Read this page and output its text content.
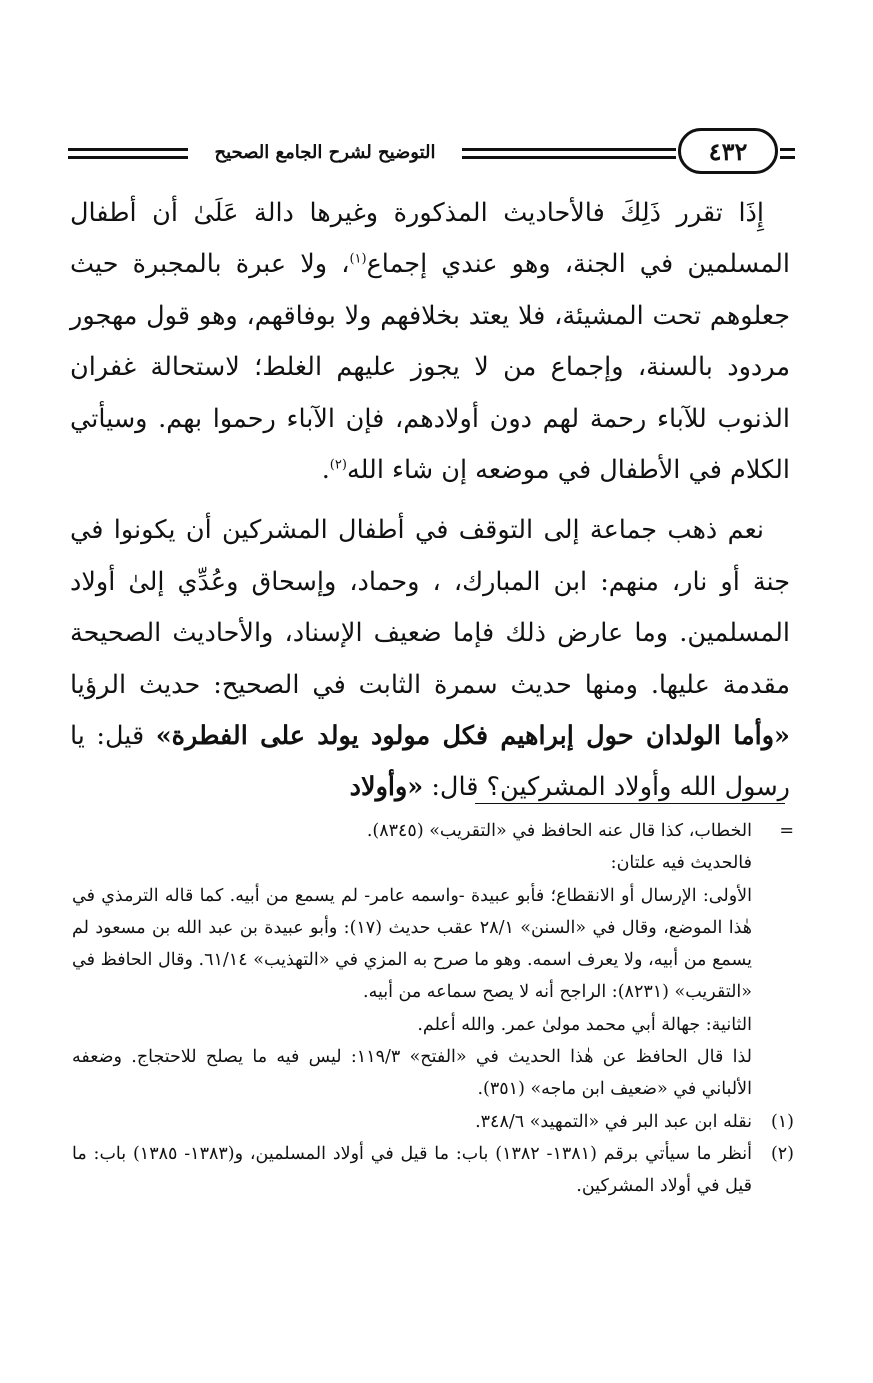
التوضيح لشرح الجامع الصحيح	٤٣٢

إِذَا تقرر ذَلِكَ فالأحاديث المذكورة وغيرها دالة عَلَىٰ أن أطفال المسلمين في الجنة، وهو عندي إجماع$^{(١)}$، ولا عبرة بالمجبرة حيث جعلوهم تحت المشيئة، فلا يعتد بخلافهم ولا بوفاقهم، وهو قول مهجور مردود بالسنة، وإجماع من لا يجوز عليهم الغلط؛ لاستحالة غفران الذنوب للآباء رحمة لهم دون أولادهم، فإن الآباء رحموا بهم. وسيأتي الكلام في الأطفال في موضعه إن شاء الله$^{(٢)}$.

نعم ذهب جماعة إلى التوقف في أطفال المشركين أن يكونوا في جنة أو نار، منهم: ابن المبارك، ، وحماد، وإسحاق وعُدِّي إلىٰ أولاد المسلمين. وما عارض ذلك فإما ضعيف الإسناد، والأحاديث الصحيحة مقدمة عليها. ومنها حديث سمرة الثابت في الصحيح: حديث الرؤيا «وأما الولدان حول إبراهيم فكل مولود يولد على الفطرة» قيل: يا رسول الله وأولاد المشركين؟ قال: «وأولاد

=
الخطاب، كذا قال عنه الحافظ في «التقريب» (٨٣٤٥).
فالحديث فيه علتان:
الأولى: الإرسال أو الانقطاع؛ فأبو عبيدة -واسمه عامر- لم يسمع من أبيه. كما قاله الترمذي في هٰذا الموضع، وقال في «السنن» ٢٨/١ عقب حديث (١٧): وأبو عبيدة بن عبد الله بن مسعود لم يسمع من أبيه، ولا يعرف اسمه. وهو ما صرح به المزي في «التهذيب» ٦١/١٤. وقال الحافظ في «التقريب» (٨٢٣١): الراجح أنه لا يصح سماعه من أبيه.
الثانية: جهالة أبي محمد مولىٰ عمر. والله أعلم.
لذا قال الحافظ عن هٰذا الحديث في «الفتح» ١١٩/٣: ليس فيه ما يصلح للاحتجاج. وضعفه الألباني في «ضعيف ابن ماجه» (٣٥١).
(١)
نقله ابن عبد البر في «التمهيد» ٣٤٨/٦.
(٢)
أنظر ما سيأتي برقم (١٣٨١- ١٣٨٢) باب: ما قيل في أولاد المسلمين، و(١٣٨٣- ١٣٨٥) باب: ما قيل في أولاد المشركين.
